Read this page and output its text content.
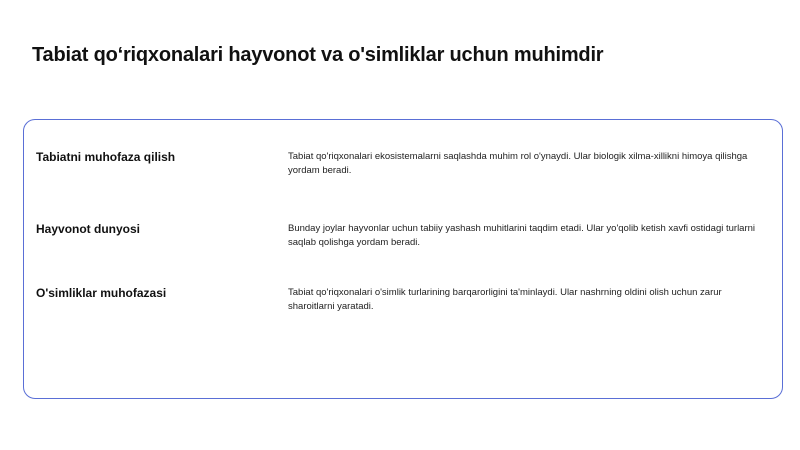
Tabiat qo‘riqxonalari hayvonot va o'simliklar uchun muhimdir
Tabiatni muhofaza qilish	Tabiat qo'riqxonalari ekosistemalarni saqlashda muhim rol o'ynaydi. Ular biologik xilma-xillikni himoya qilishga yordam beradi.
Hayvonot dunyosi	Bunday joylar hayvonlar uchun tabiiy yashash muhitlarini taqdim etadi. Ular yo'qolib ketish xavfi ostidagi turlarni saqlab qolishga yordam beradi.
O'simliklar muhofazasi	Tabiat qo'riqxonalari o'simlik turlarining barqarorligini ta'minlaydi. Ular nashrning oldini olish uchun zarur sharoitlarni yaratadi.
